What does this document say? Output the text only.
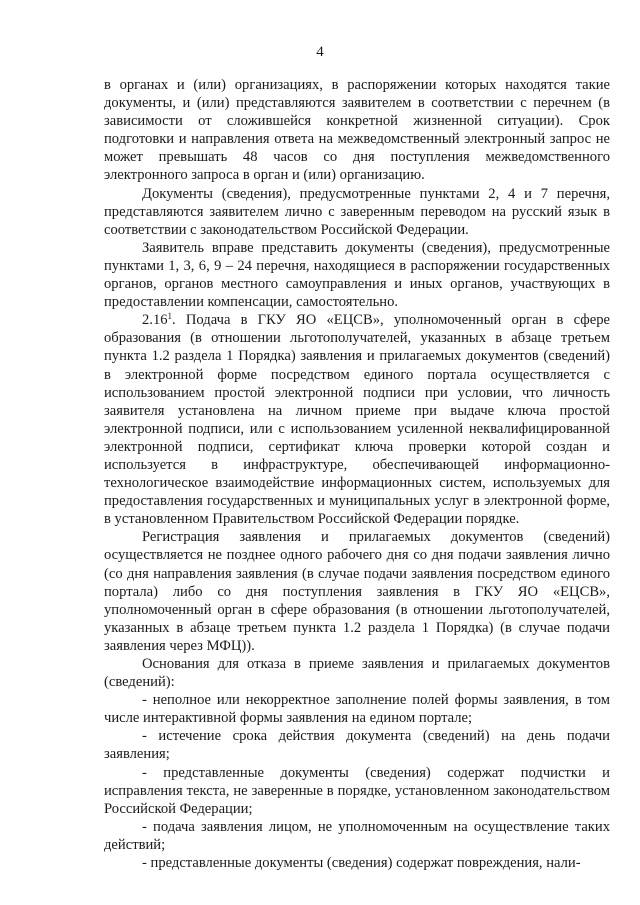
4

в органах и (или) организациях, в распоряжении которых находятся такие документы, и (или) представляются заявителем в соответствии с перечнем (в зависимости от сложившейся конкретной жизненной ситуации). Срок подготовки и направления ответа на межведомственный электронный запрос не может превышать 48 часов со дня поступления межведомственного электронного запроса в орган и (или) организацию.

Документы (сведения), предусмотренные пунктами 2, 4 и 7 перечня, представляются заявителем лично с заверенным переводом на русский язык в соответствии с законодательством Российской Федерации.

Заявитель вправе представить документы (сведения), предусмотренные пунктами 1, 3, 6, 9 – 24 перечня, находящиеся в распоряжении государственных органов, органов местного самоуправления и иных органов, участвующих в предоставлении компенсации, самостоятельно.

2.16$^1$. Подача в ГКУ ЯО «ЕЦСВ», уполномоченный орган в сфере образования (в отношении льготополучателей, указанных в абзаце третьем пункта 1.2 раздела 1 Порядка) заявления и прилагаемых документов (сведений) в электронной форме посредством единого портала осуществляется с использованием простой электронной подписи при условии, что личность заявителя установлена на личном приеме при выдаче ключа простой электронной подписи, или с использованием усиленной неквалифицированной электронной подписи, сертификат ключа проверки которой создан и используется в инфраструктуре, обеспечивающей информационно-технологическое взаимодействие информационных систем, используемых для предоставления государственных и муниципальных услуг в электронной форме, в установленном Правительством Российской Федерации порядке.

Регистрация заявления и прилагаемых документов (сведений) осуществляется не позднее одного рабочего дня со дня подачи заявления лично (со дня направления заявления (в случае подачи заявления посредством единого портала) либо со дня поступления заявления в ГКУ ЯО «ЕЦСВ», уполномоченный орган в сфере образования (в отношении льготополучателей, указанных в абзаце третьем пункта 1.2 раздела 1 Порядка) (в случае подачи заявления через МФЦ)).

Основания для отказа в приеме заявления и прилагаемых документов (сведений):

- неполное или некорректное заполнение полей формы заявления, в том числе интерактивной формы заявления на едином портале;

- истечение срока действия документа (сведений) на день подачи заявления;

- представленные документы (сведения) содержат подчистки и исправления текста, не заверенные в порядке, установленном законодательством Российской Федерации;

- подача заявления лицом, не уполномоченным на осуществление таких действий;

- представленные документы (сведения) содержат повреждения, нали-
